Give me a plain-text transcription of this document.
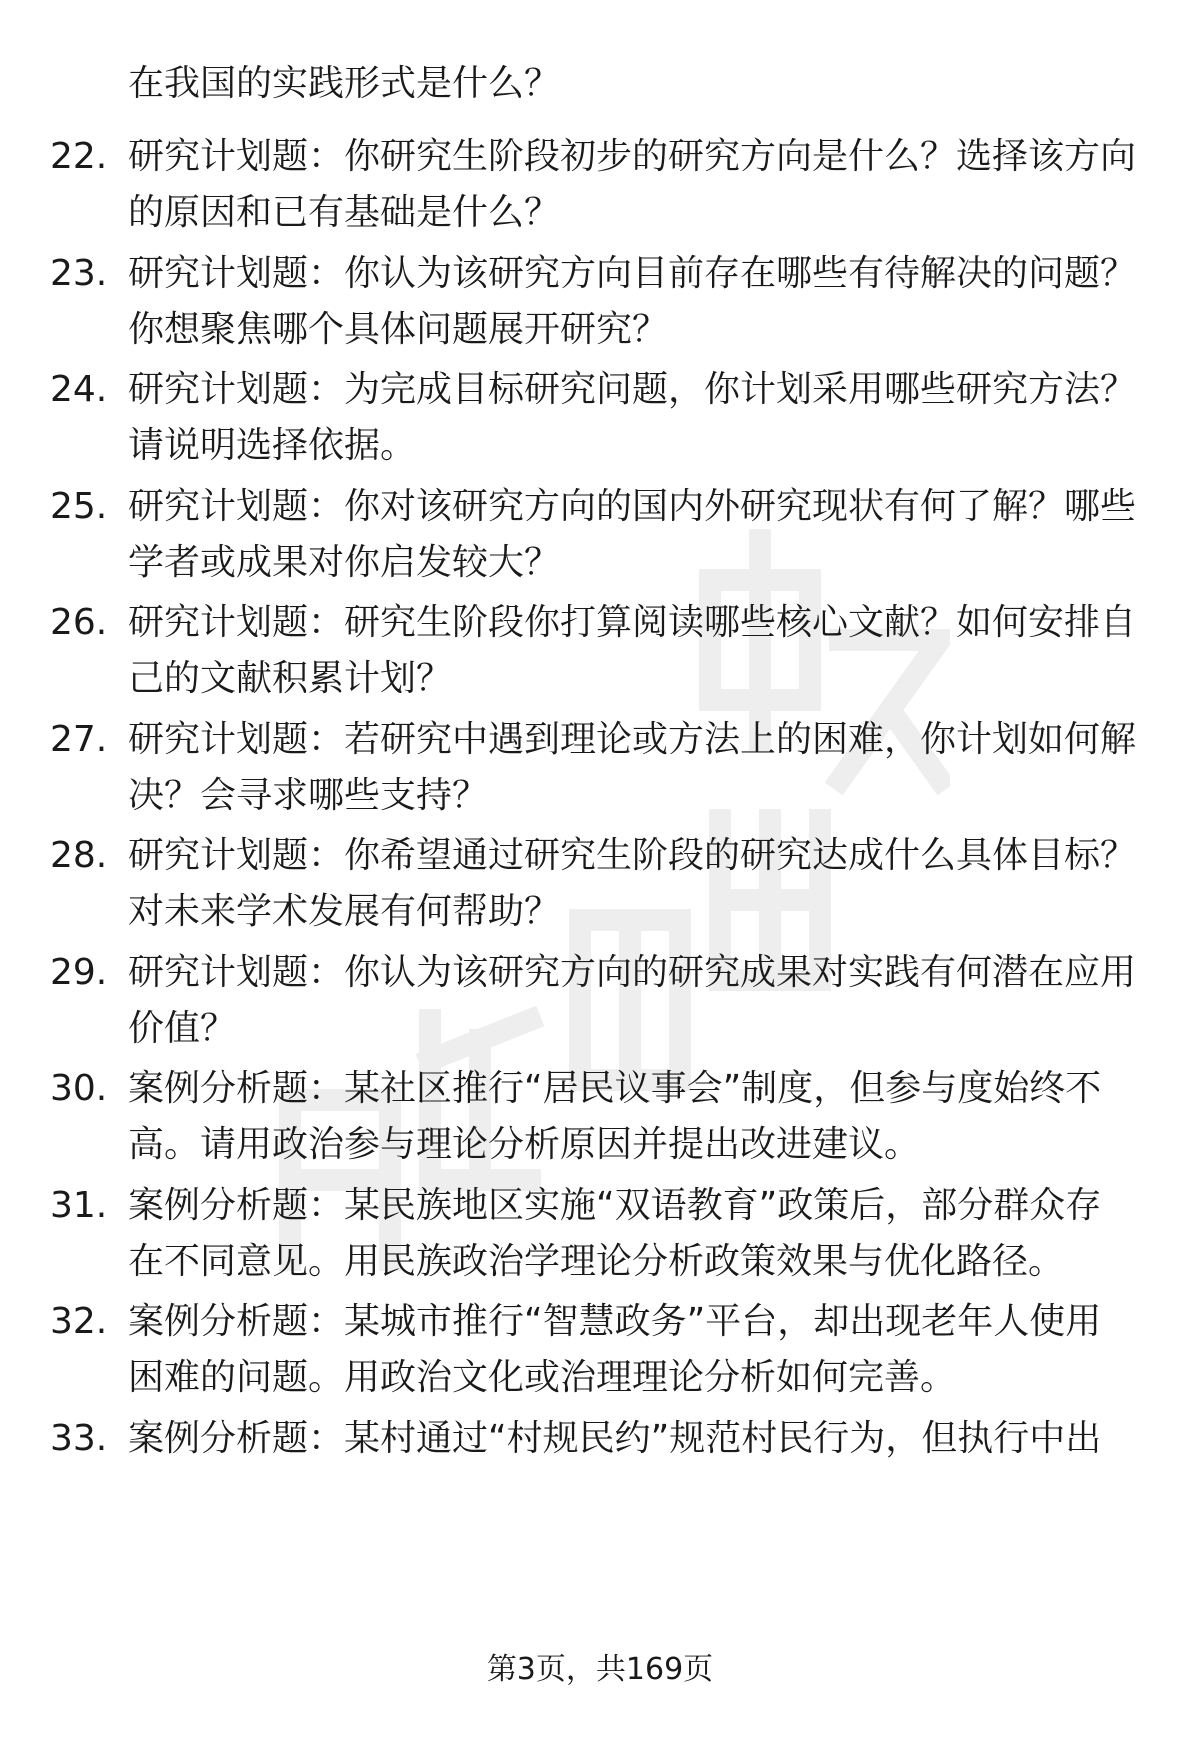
在我国的实践形式是什么？
22. 研究计划题：你研究生阶段初步的研究方向是什么？选择该方向
的原因和已有基础是什么？
23. 研究计划题：你认为该研究方向目前存在哪些有待解决的问题？
你想聚焦哪个具体问题展开研究？
24. 研究计划题：为完成目标研究问题，你计划采用哪些研究方法？
请说明选择依据。
25. 研究计划题：你对该研究方向的国内外研究现状有何了解？哪些
学者或成果对你启发较大？
26. 研究计划题：研究生阶段你打算阅读哪些核心文献？如何安排自
己的文献积累计划？
27. 研究计划题：若研究中遇到理论或方法上的困难，你计划如何解
决？会寻求哪些支持？
28. 研究计划题：你希望通过研究生阶段的研究达成什么具体目标？
对未来学术发展有何帮助？
29. 研究计划题：你认为该研究方向的研究成果对实践有何潜在应用
价值？
30. 案例分析题：某社区推行“居民议事会”制度，但参与度始终不
高。请用政治参与理论分析原因并提出改进建议。
31. 案例分析题：某民族地区实施“双语教育”政策后，部分群众存
在不同意见。用民族政治学理论分析政策效果与优化路径。
32. 案例分析题：某城市推行“智慧政务”平台，却出现老年人使用
困难的问题。用政治文化或治理理论分析如何完善。
33. 案例分析题：某村通过“村规民约”规范村民行为，但执行中出
第3页，共169页
